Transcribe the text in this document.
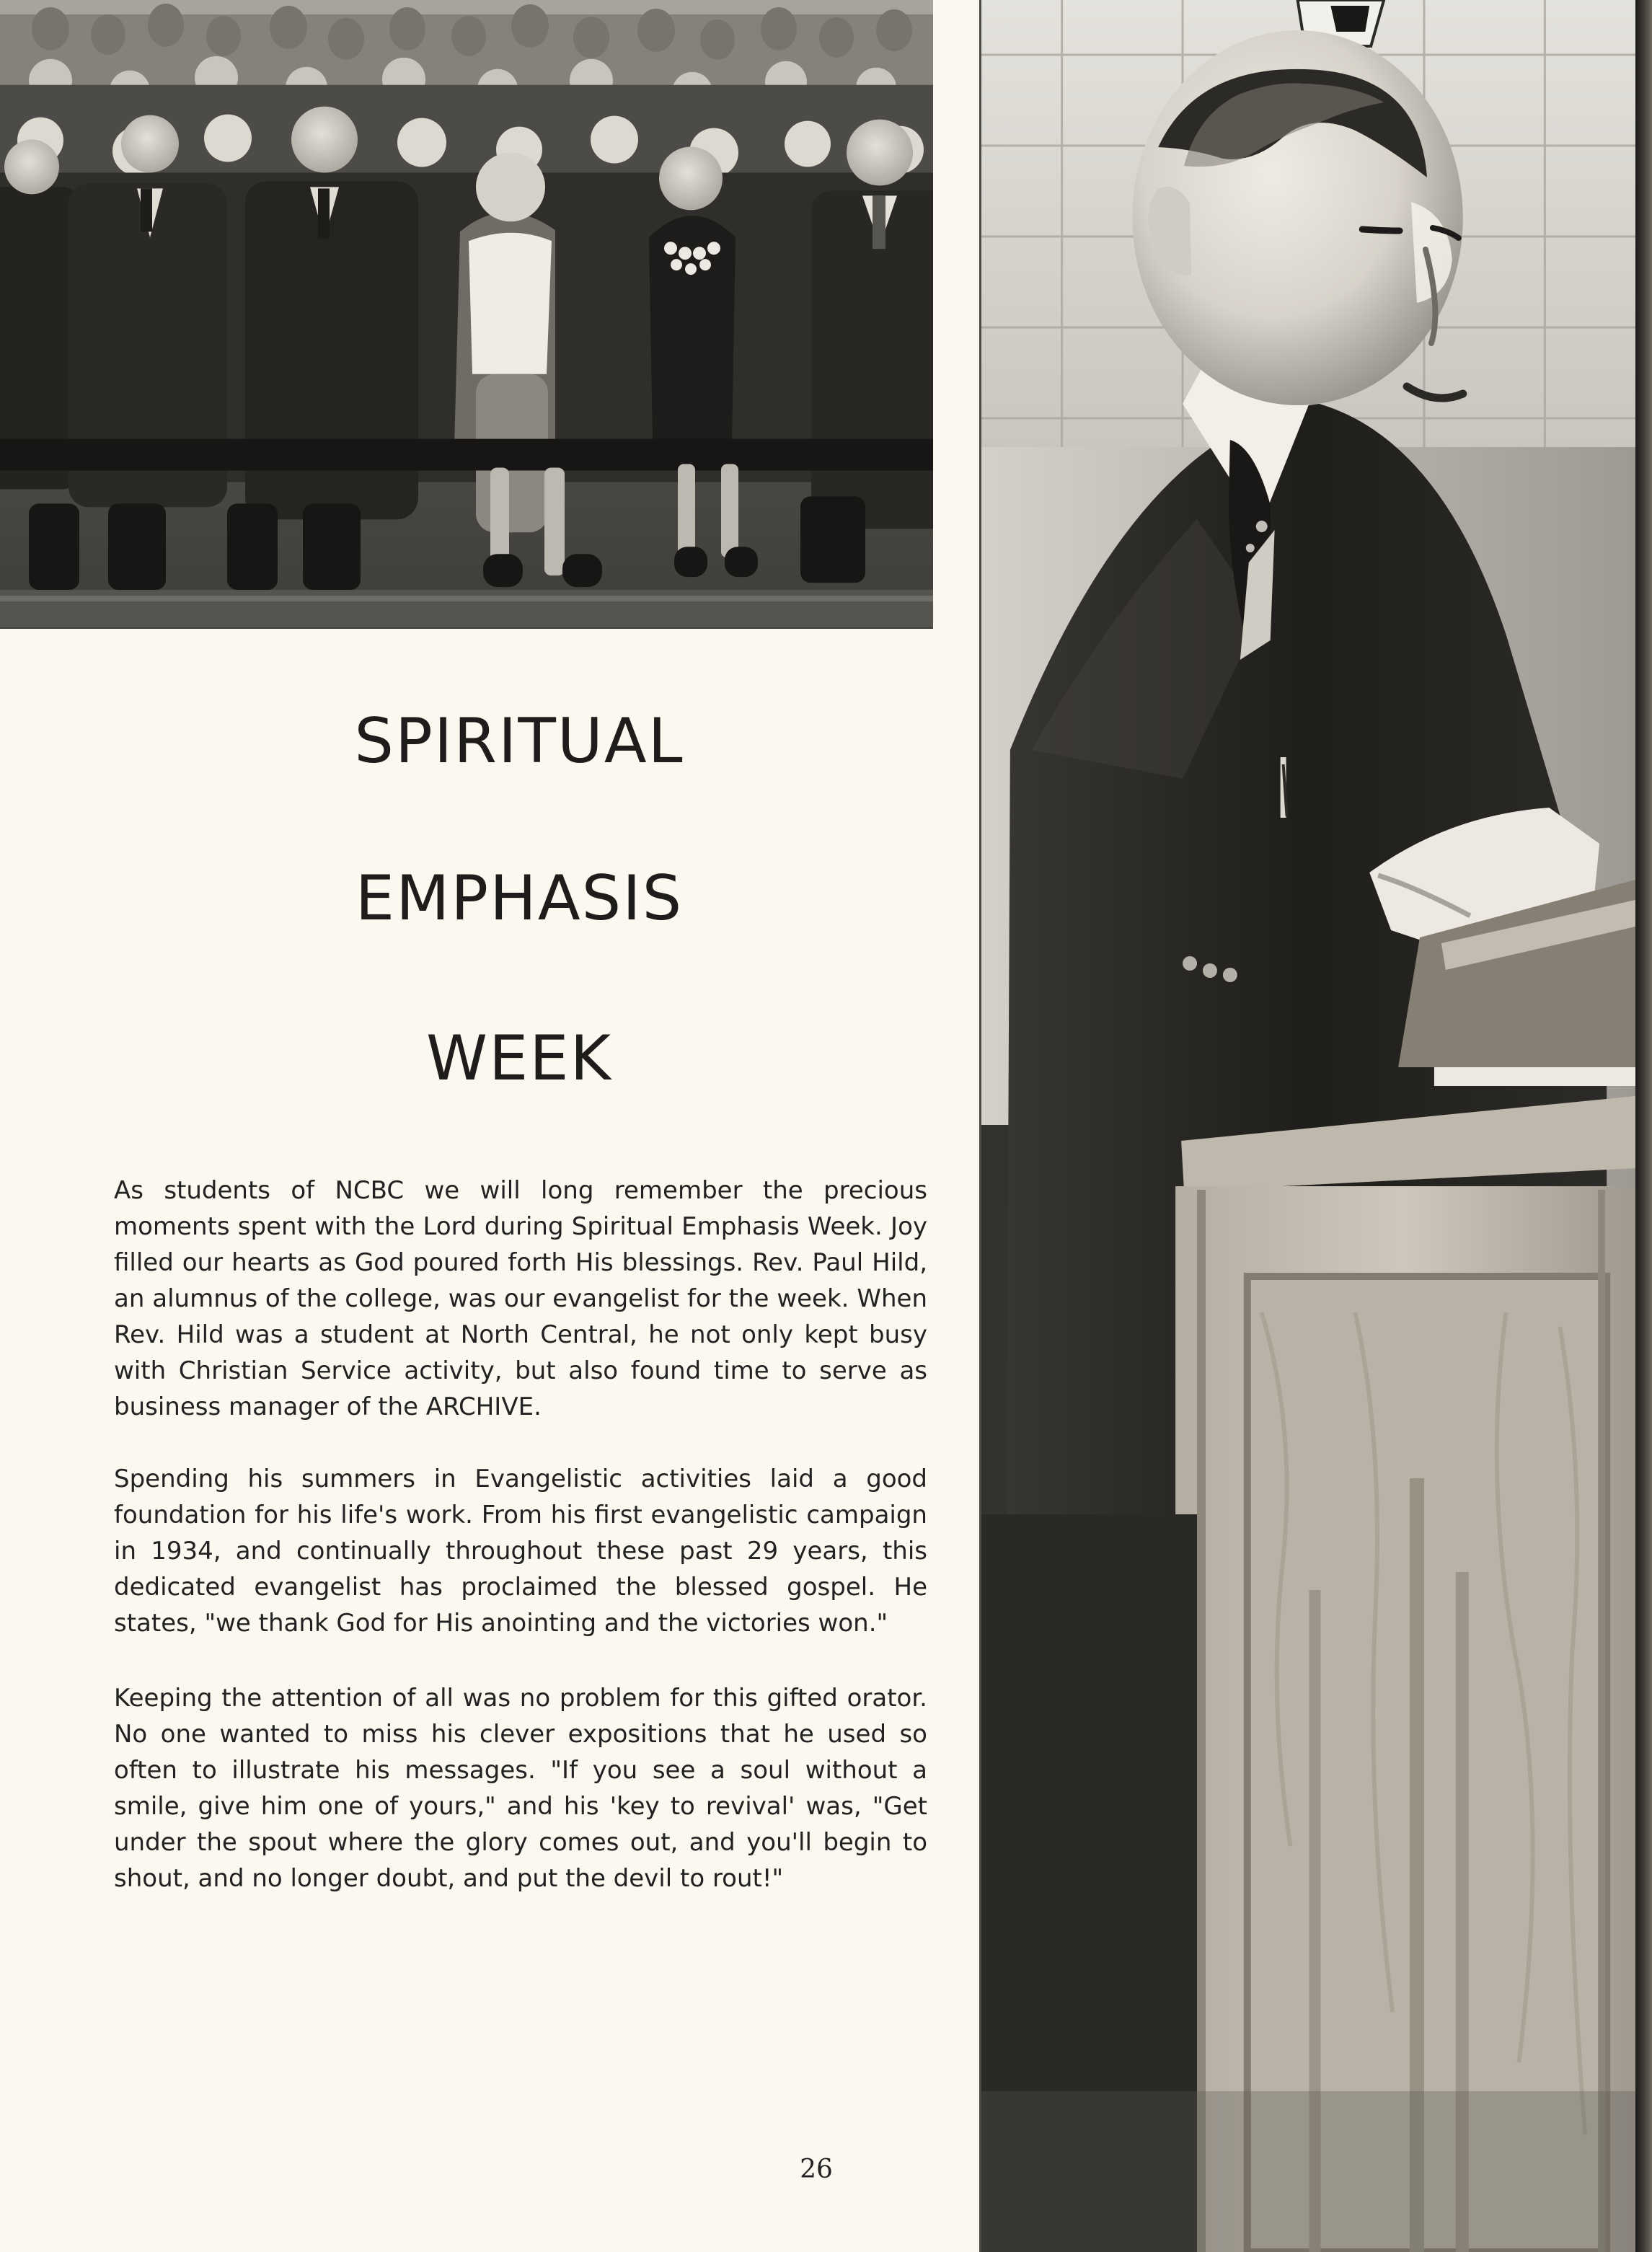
SPIRITUAL
EMPHASIS
WEEK

As students of NCBC we will long remember the precious moments spent with the Lord during Spiritual Emphasis Week. Joy filled our hearts as God poured forth His blessings. Rev. Paul Hild, an alumnus of the college, was our evangelist for the week. When Rev. Hild was a student at North Central, he not only kept busy with Christian Service activity, but also found time to serve as business manager of the ARCHIVE.

Spending his summers in Evangelistic activities laid a good foundation for his life's work. From his first evangelistic campaign in 1934, and continually throughout these past 29 years, this dedicated evangelist has proclaimed the blessed gospel. He states, "we thank God for His anointing and the victories won."

Keeping the attention of all was no problem for this gifted orator. No one wanted to miss his clever expositions that he used so often to illustrate his messages. "If you see a soul without a smile, give him one of yours," and his 'key to revival' was, "Get under the spout where the glory comes out, and you'll begin to shout, and no longer doubt, and put the devil to rout!"

26
